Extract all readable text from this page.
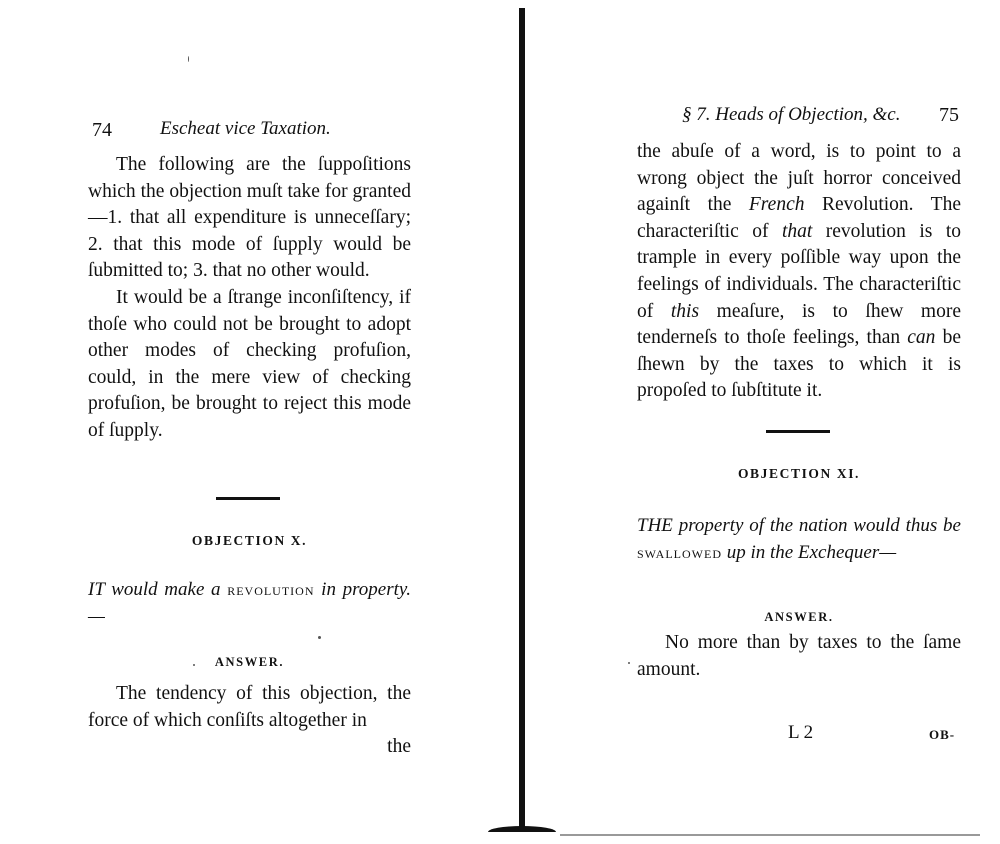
74	Escheat vice Taxation.

The following are the ſuppoſitions which the objection muſt take for granted—1. that all expenditure is unneceſſary; 2. that this mode of ſupply would be ſubmitted to; 3. that no other would.

It would be a ſtrange inconſiſtency, if thoſe who could not be brought to adopt other modes of checking profuſion, could, in the mere view of checking profuſion, be brought to reject this mode of ſupply.

OBJECTION X.
IT would make a revolution in property.—
ANSWER.

The tendency of this objection, the force of which conſiſts altogether in

the
§ 7. Heads of Objection, &c. 75

the abuſe of a word, is to point to a wrong object the juſt horror conceived againſt the French Revolution. The characteriſtic of that revolution is to trample in every poſſible way upon the feelings of individuals. The characteriſtic of this meaſure, is to ſhew more tenderneſs to thoſe feelings, than can be ſhewn by the taxes to which it is propoſed to ſubſtitute it.

OBJECTION XI.
THE property of the nation would thus be swallowed up in the Exchequer—
ANSWER.

No more than by taxes to the ſame amount.

L 2	OB-
